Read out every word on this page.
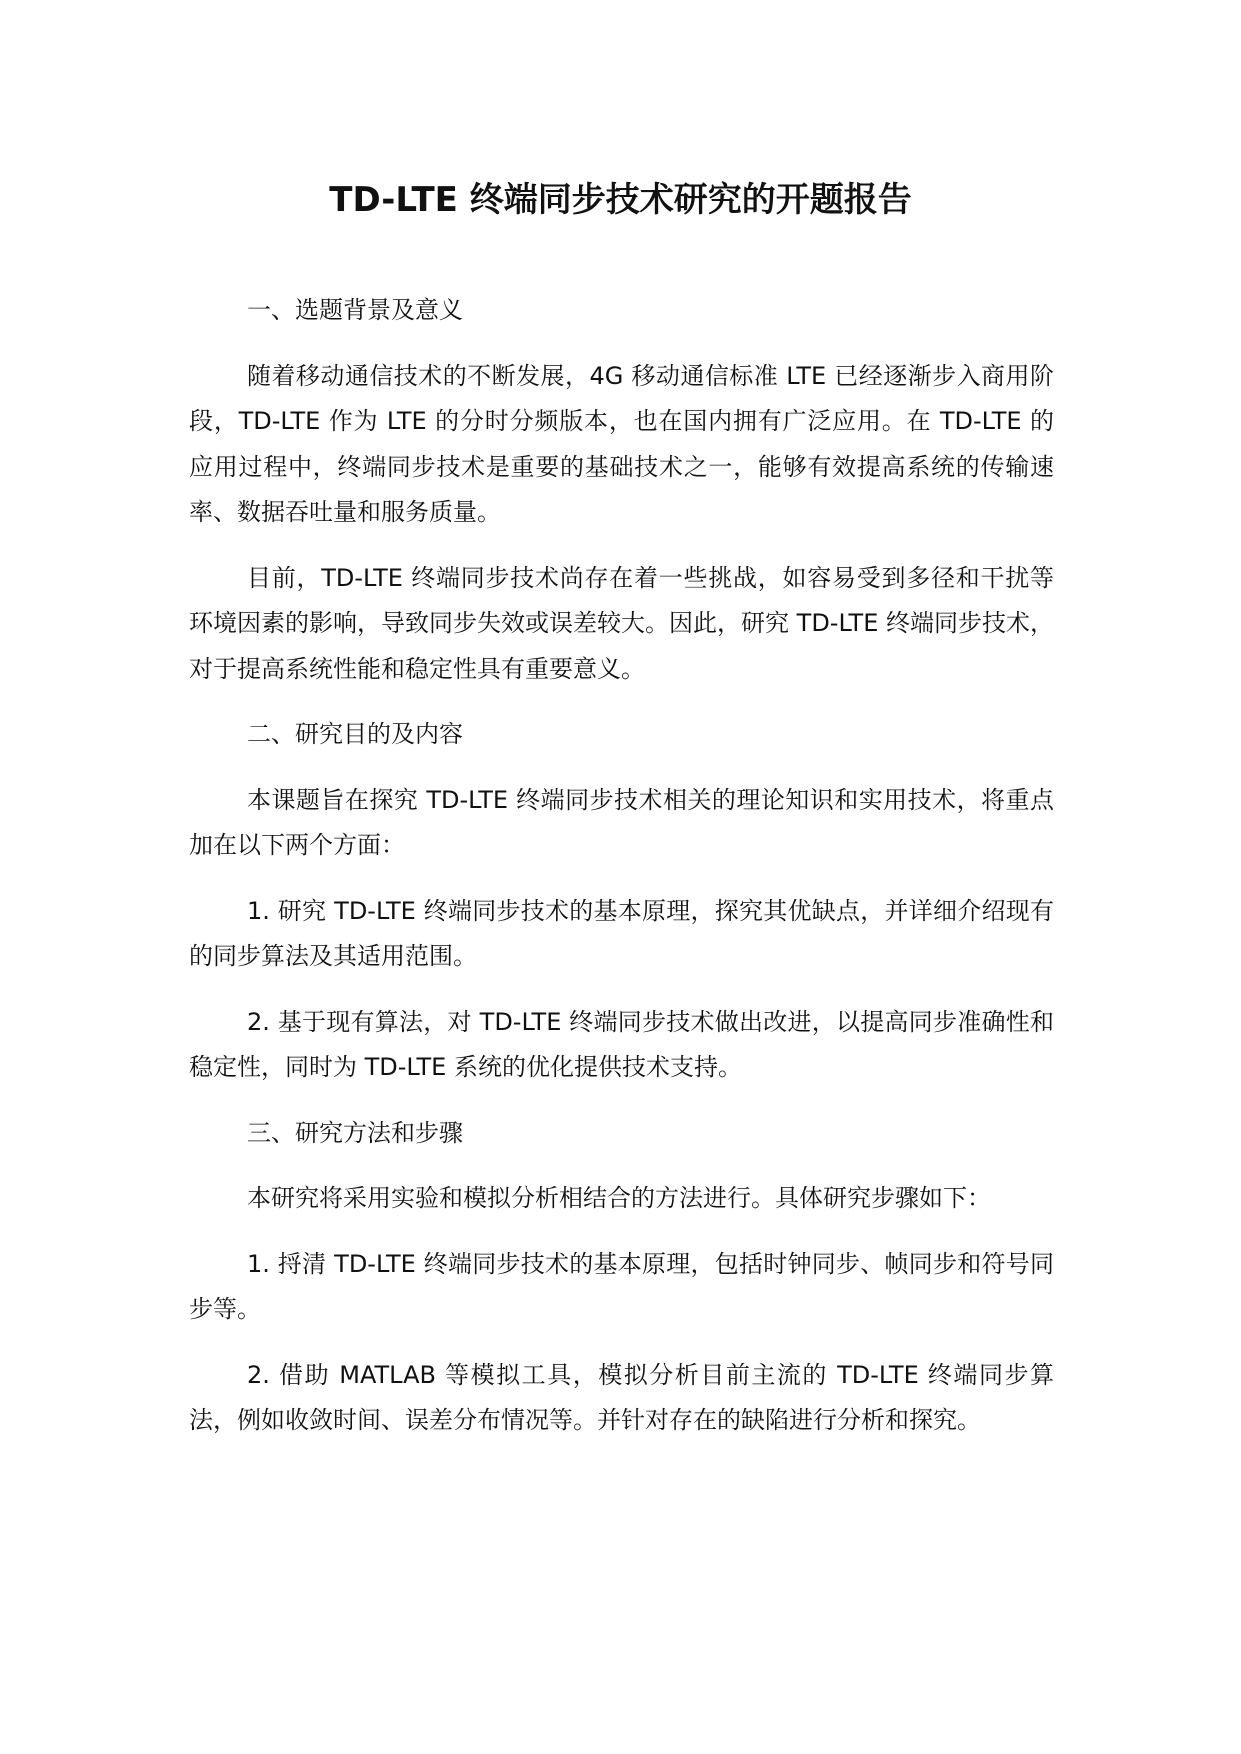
TD-LTE 终端同步技术研究的开题报告

一、选题背景及意义

随着移动通信技术的不断发展，4G 移动通信标准 LTE 已经逐渐步入商用阶段，TD-LTE 作为 LTE 的分时分频版本，也在国内拥有广泛应用。在 TD-LTE 的应用过程中，终端同步技术是重要的基础技术之一，能够有效提高系统的传输速率、数据吞吐量和服务质量。

目前，TD-LTE 终端同步技术尚存在着一些挑战，如容易受到多径和干扰等环境因素的影响，导致同步失效或误差较大。因此，研究 TD-LTE 终端同步技术，对于提高系统性能和稳定性具有重要意义。

二、研究目的及内容

本课题旨在探究 TD-LTE 终端同步技术相关的理论知识和实用技术，将重点加在以下两个方面：

1. 研究 TD-LTE 终端同步技术的基本原理，探究其优缺点，并详细介绍现有的同步算法及其适用范围。

2. 基于现有算法，对 TD-LTE 终端同步技术做出改进，以提高同步准确性和稳定性，同时为 TD-LTE 系统的优化提供技术支持。

三、研究方法和步骤

本研究将采用实验和模拟分析相结合的方法进行。具体研究步骤如下：

1. 捋清 TD-LTE 终端同步技术的基本原理，包括时钟同步、帧同步和符号同步等。

2. 借助 MATLAB 等模拟工具，模拟分析目前主流的 TD-LTE 终端同步算法，例如收敛时间、误差分布情况等。并针对存在的缺陷进行分析和探究。
